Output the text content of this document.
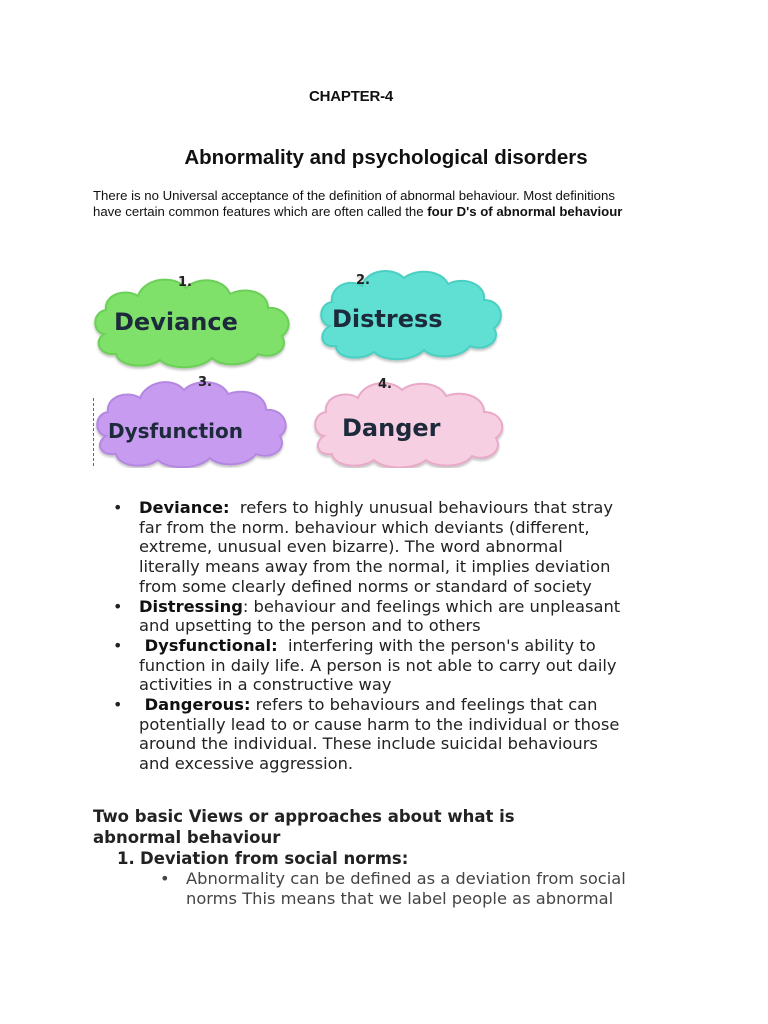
CHAPTER-4
Abnormality and psychological disorders
There is no Universal acceptance of the definition of abnormal behaviour. Most definitions
have certain common features which are often called the four D's of abnormal behaviour
1.
Deviance
2.
Distress
3.
Dysfunction
4.
Danger
• Deviance:  refers to highly unusual behaviours that stray
far from the norm. behaviour which deviants (different,
extreme, unusual even bizarre). The word abnormal
literally means away from the normal, it implies deviation
from some clearly defined norms or standard of society
• Distressing: behaviour and feelings which are unpleasant
and upsetting to the person and to others
• Dysfunctional:  interfering with the person's ability to
function in daily life. A person is not able to carry out daily
activities in a constructive way
• Dangerous: refers to behaviours and feelings that can
potentially lead to or cause harm to the individual or those
around the individual. These include suicidal behaviours
and excessive aggression.
Two basic Views or approaches about what is
abnormal behaviour
1. Deviation from social norms:
• Abnormality can be defined as a deviation from social
norms This means that we label people as abnormal
